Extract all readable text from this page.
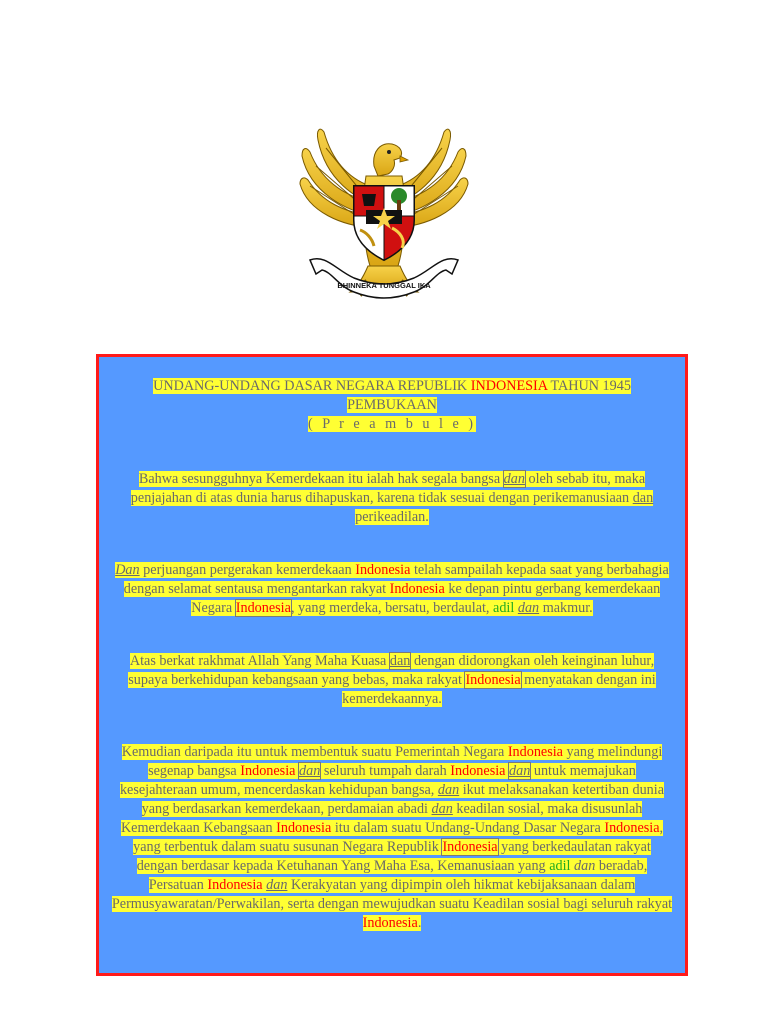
BHINNEKA TUNGGAL IKA

UNDANG-UNDANG DASAR NEGARA REPUBLIK INDONESIA TAHUN 1945
PEMBUKAAN
( P r e a m b u l e )

Bahwa sesungguhnya Kemerdekaan itu ialah hak segala bangsa dan oleh sebab itu, maka penjajahan di atas dunia harus dihapuskan, karena tidak sesuai dengan perikemanusiaan dan perikeadilan.

Dan perjuangan pergerakan kemerdekaan Indonesia telah sampailah kepada saat yang berbahagia dengan selamat sentausa mengantarkan rakyat Indonesia ke depan pintu gerbang kemerdekaan Negara Indonesia, yang merdeka, bersatu, berdaulat, adil dan makmur.

Atas berkat rakhmat Allah Yang Maha Kuasa dan dengan didorongkan oleh keinginan luhur, supaya berkehidupan kebangsaan yang bebas, maka rakyat Indonesia menyatakan dengan ini kemerdekaannya.

Kemudian daripada itu untuk membentuk suatu Pemerintah Negara Indonesia yang melindungi segenap bangsa Indonesia dan seluruh tumpah darah Indonesia dan untuk memajukan kesejahteraan umum, mencerdaskan kehidupan bangsa, dan ikut melaksanakan ketertiban dunia yang berdasarkan kemerdekaan, perdamaian abadi dan keadilan sosial, maka disusunlah Kemerdekaan Kebangsaan Indonesia itu dalam suatu Undang-Undang Dasar Negara Indonesia, yang terbentuk dalam suatu susunan Negara Republik Indonesia yang berkedaulatan rakyat dengan berdasar kepada Ketuhanan Yang Maha Esa, Kemanusiaan yang adil dan beradab, Persatuan Indonesia dan Kerakyatan yang dipimpin oleh hikmat kebijaksanaan dalam Permusyawaratan/Perwakilan, serta dengan mewujudkan suatu Keadilan sosial bagi seluruh rakyat Indonesia.
